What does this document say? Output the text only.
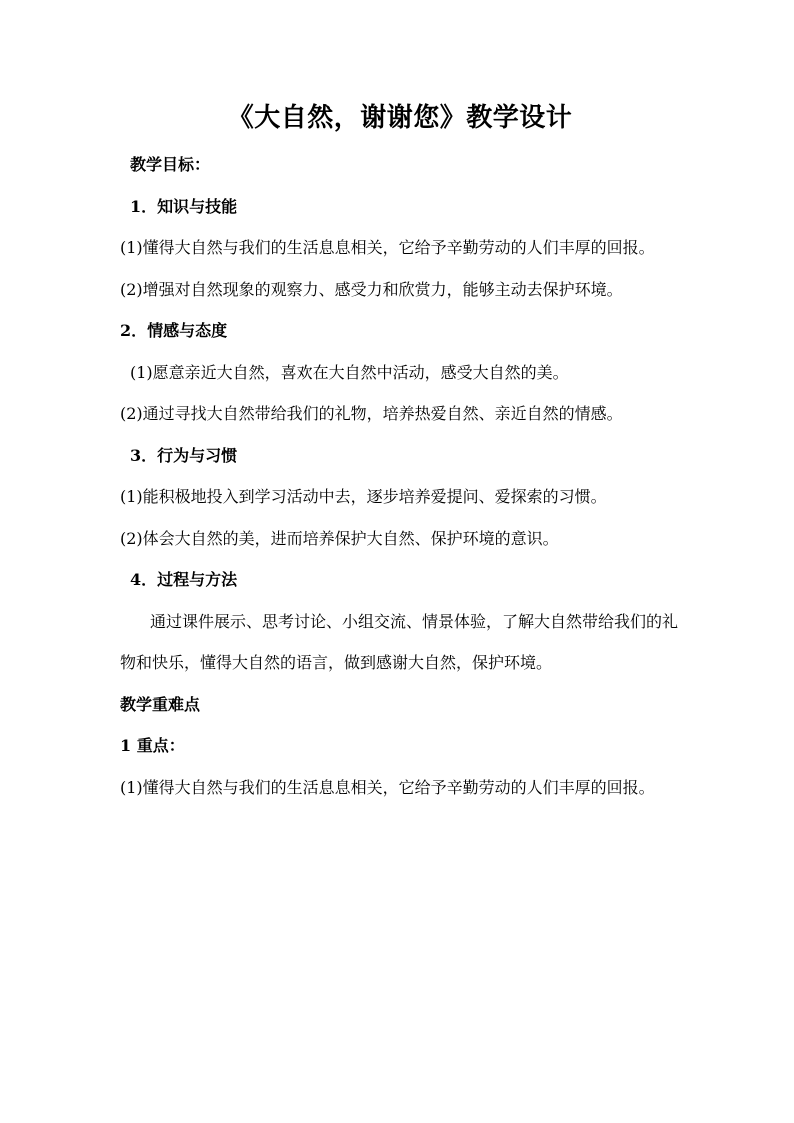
《大自然，谢谢您》教学设计

教学目标：

1．知识与技能

(1)懂得大自然与我们的生活息息相关，它给予辛勤劳动的人们丰厚的回报。

(2)增强对自然现象的观察力、感受力和欣赏力，能够主动去保护环境。

2．情感与态度

(1)愿意亲近大自然，喜欢在大自然中活动，感受大自然的美。

(2)通过寻找大自然带给我们的礼物，培养热爱自然、亲近自然的情感。

3．行为与习惯

(1)能积极地投入到学习活动中去，逐步培养爱提问、爱探索的习惯。

(2)体会大自然的美，进而培养保护大自然、保护环境的意识。

4．过程与方法

通过课件展示、思考讨论、小组交流、情景体验，了解大自然带给我们的礼物和快乐，懂得大自然的语言，做到感谢大自然，保护环境。

教学重难点

1 重点：

(1)懂得大自然与我们的生活息息相关，它给予辛勤劳动的人们丰厚的回报。
